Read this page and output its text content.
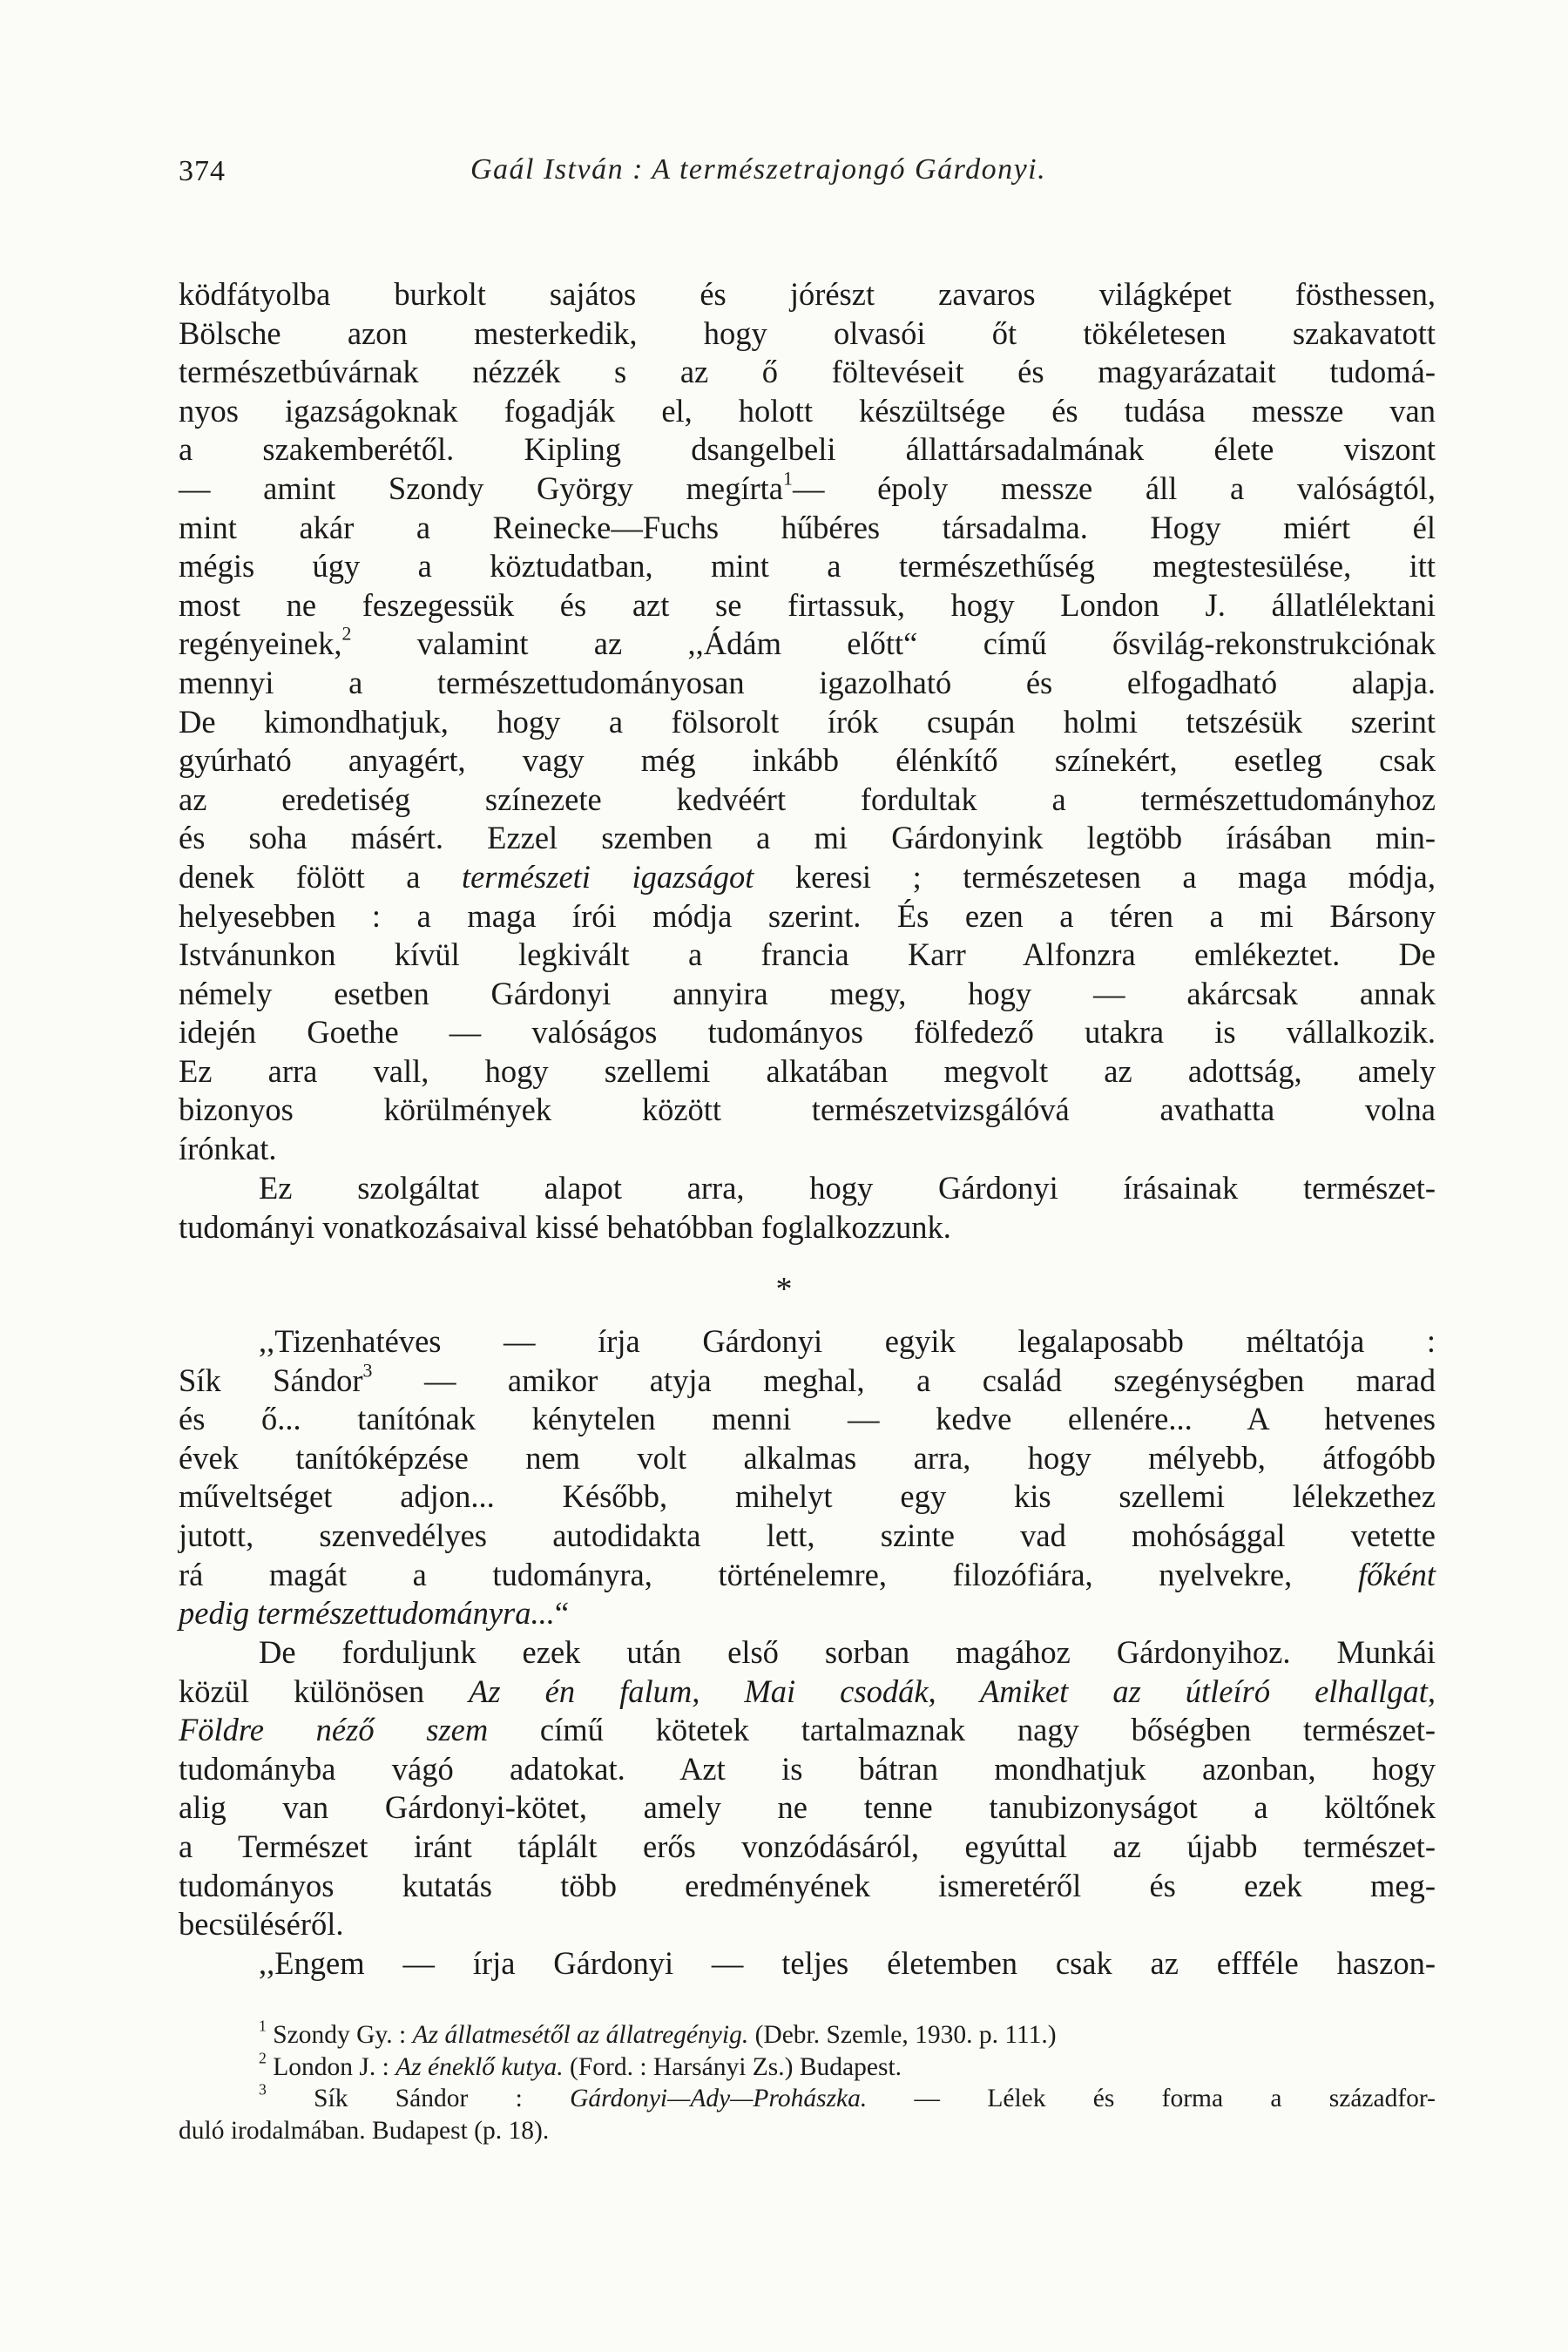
374	Gaál István : A természetrajongó Gárdonyi.
ködfátyolba burkolt sajátos és jórészt zavaros világképet fösthessen,
Bölsche azon mesterkedik, hogy olvasói őt tökéletesen szakavatott
természetbúvárnak nézzék s az ő föltevéseit és magyarázatait tudomá-
nyos igazságoknak fogadják el, holott készültsége és tudása messze van
a szakemberétől. Kipling dsangelbeli állattársadalmának élete viszont
— amint Szondy György megírta$^1$— époly messze áll a valóságtól,
mint akár a Reinecke—Fuchs hűbéres társadalma. Hogy miért él
mégis úgy a köztudatban, mint a természethűség megtestesülése, itt
most ne feszegessük és azt se firtassuk, hogy London J. állatlélektani
regényeinek,$^2$ valamint az ,,Ádám előtt“ című ősvilág-rekonstrukciónak
mennyi a természettudományosan igazolható és elfogadható alapja.
De kimondhatjuk, hogy a fölsorolt írók csupán holmi tetszésük szerint
gyúrható anyagért, vagy még inkább élénkítő színekért, esetleg csak
az eredetiség színezete kedvéért fordultak a természettudományhoz
és soha másért. Ezzel szemben a mi Gárdonyink legtöbb írásában min-
denek fölött a természeti igazságot keresi ; természetesen a maga módja,
helyesebben : a maga írói módja szerint. És ezen a téren a mi Bársony
Istvánunkon kívül legkivált a francia Karr Alfonzra emlékeztet. De
némely esetben Gárdonyi annyira megy, hogy — akárcsak annak
idején Goethe — valóságos tudományos fölfedező utakra is vállalkozik.
Ez arra vall, hogy szellemi alkatában megvolt az adottság, amely
bizonyos körülmények között természetvizsgálóvá avathatta volna
írónkat.
Ez szolgáltat alapot arra, hogy Gárdonyi írásainak természet-
tudományi vonatkozásaival kissé behatóbban foglalkozzunk.
*
,,Tizenhatéves — írja Gárdonyi egyik legalaposabb méltatója :
Sík Sándor$^3$ — amikor atyja meghal, a család szegénységben marad
és ő... tanítónak kénytelen menni — kedve ellenére... A hetvenes
évek tanítóképzése nem volt alkalmas arra, hogy mélyebb, átfogóbb
műveltséget adjon... Később, mihelyt egy kis szellemi lélekzethez
jutott, szenvedélyes autodidakta lett, szinte vad mohósággal vetette
rá magát a tudományra, történelemre, filozófiára, nyelvekre, főként
pedig természettudományra...“
De forduljunk ezek után első sorban magához Gárdonyihoz. Munkái
közül különösen Az én falum, Mai csodák, Amiket az útleíró elhallgat,
Földre néző szem című kötetek tartalmaznak nagy bőségben természet-
tudományba vágó adatokat. Azt is bátran mondhatjuk azonban, hogy
alig van Gárdonyi-kötet, amely ne tenne tanubizonyságot a költőnek
a Természet iránt táplált erős vonzódásáról, egyúttal az újabb természet-
tudományos kutatás több eredményének ismeretéről és ezek meg-
becsüléséről.
,,Engem — írja Gárdonyi — teljes életemben csak az effféle haszon-
$^1$ Szondy Gy. : Az állatmesétől az állatregényig. (Debr. Szemle, 1930. p. 111.)
$^2$ London J. : Az éneklő kutya. (Ford. : Harsányi Zs.) Budapest.
$^3$ Sík Sándor : Gárdonyi—Ady—Prohászka. — Lélek és forma a századfor-
duló irodalmában. Budapest (p. 18).
